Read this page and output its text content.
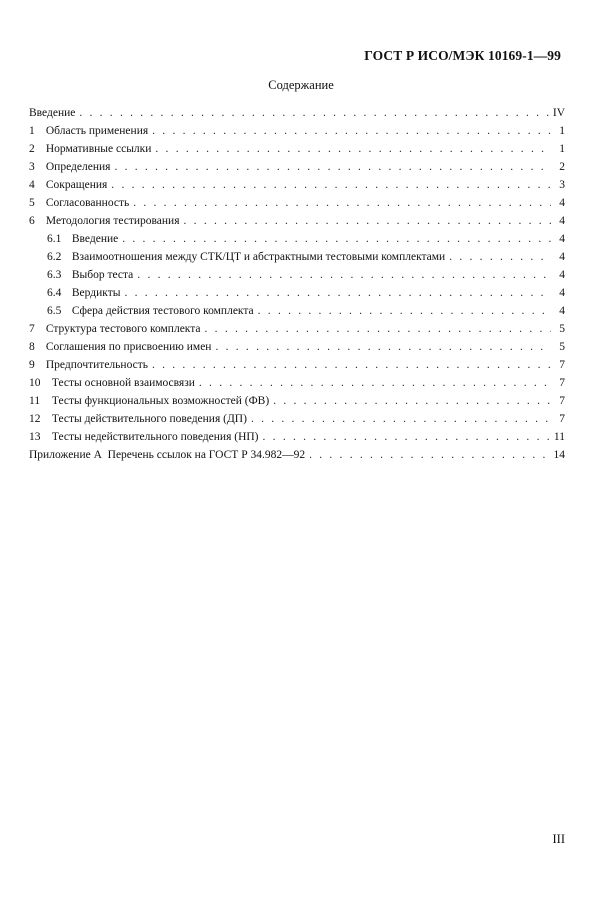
ГОСТ Р ИСО/МЭК 10169-1—99
Содержание
Введение . . .	IV
1 Область применения . . .	1
2 Нормативные ссылки . . .	1
3 Определения . . .	2
4 Сокращения . . .	3
5 Согласованность . . .	4
6 Методология тестирования . . .	4
6.1 Введение . . .	4
6.2 Взаимоотношения между СТК/ЦТ и абстрактными тестовыми комплектами . . .	4
6.3 Выбор теста . . .	4
6.4 Вердикты . . .	4
6.5 Сфера действия тестового комплекта . . .	4
7 Структура тестового комплекта . . .	5
8 Соглашения по присвоению имен . . .	5
9 Предпочтительность . . .	7
10 Тесты основной взаимосвязи . . .	7
11 Тесты функциональных возможностей (ФВ) . . .	7
12 Тесты действительного поведения (ДП) . . .	7
13 Тесты недействительного поведения (НП) . . .	11
Приложение А  Перечень ссылок на ГОСТ Р 34.982—92 . . .	14
III
